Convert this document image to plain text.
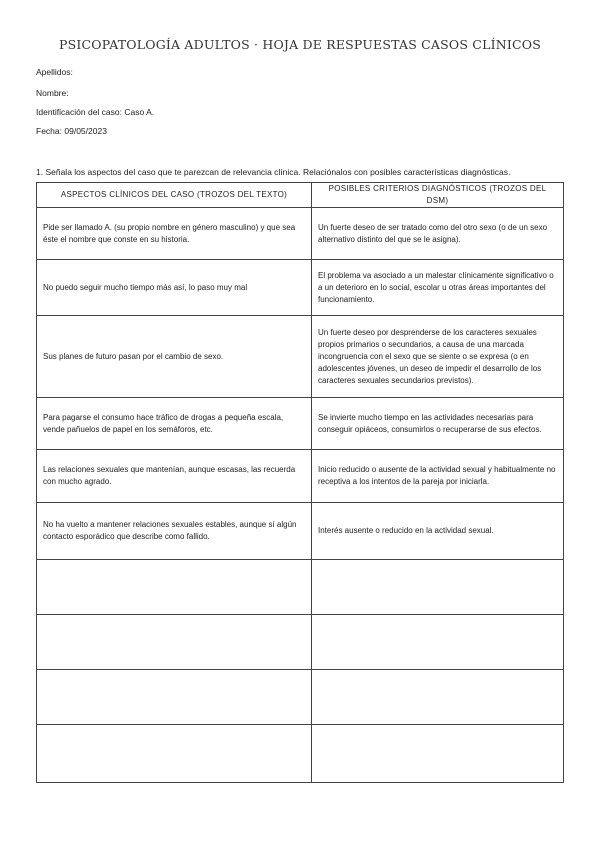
PSICOPATOLOGÍA ADULTOS · HOJA DE RESPUESTAS CASOS CLÍNICOS
Apellidos:
Nombre:
Identificación del caso: Caso A.
Fecha: 09/05/2023
1. Señala los aspectos del caso que te parezcan de relevancia clínica. Relaciónalos con posibles características diagnósticas.
ASPECTOS CLÍNICOS DEL CASO (TROZOS DEL TEXTO)	POSIBLES CRITERIOS DIAGNÓSTICOS (TROZOS DEL DSM)
Pide ser llamado A. (su propio nombre en género masculino) y que sea éste el nombre que conste en su historia.	Un fuerte deseo de ser tratado como del otro sexo (o de un sexo alternativo distinto del que se le asigna).
No puedo seguir mucho tiempo más así, lo paso muy mal	El problema va asociado a un malestar clínicamente significativo o a un deterioro en lo social, escolar u otras áreas importantes del funcionamiento.
Sus planes de futuro pasan por el cambio de sexo.	Un fuerte deseo por desprenderse de los caracteres sexuales propios primarios o secundarios, a causa de una marcada incongruencia con el sexo que se siente o se expresa (o en adolescentes jóvenes, un deseo de impedir el desarrollo de los caracteres sexuales secundarios previstos).
Para pagarse el consumo hace tráfico de drogas a pequeña escala, vende pañuelos de papel en los semáforos, etc.	Se invierte mucho tiempo en las actividades necesarias para conseguir opiáceos, consumirlos o recuperarse de sus efectos.
Las relaciones sexuales que mantenían, aunque escasas, las recuerda con mucho agrado.	Inicio reducido o ausente de la actividad sexual y habitualmente no receptiva a los intentos de la pareja por iniciarla.
No ha vuelto a mantener relaciones sexuales estables, aunque sí algún contacto esporádico que describe como fallido.	Interés ausente o reducido en la actividad sexual.
